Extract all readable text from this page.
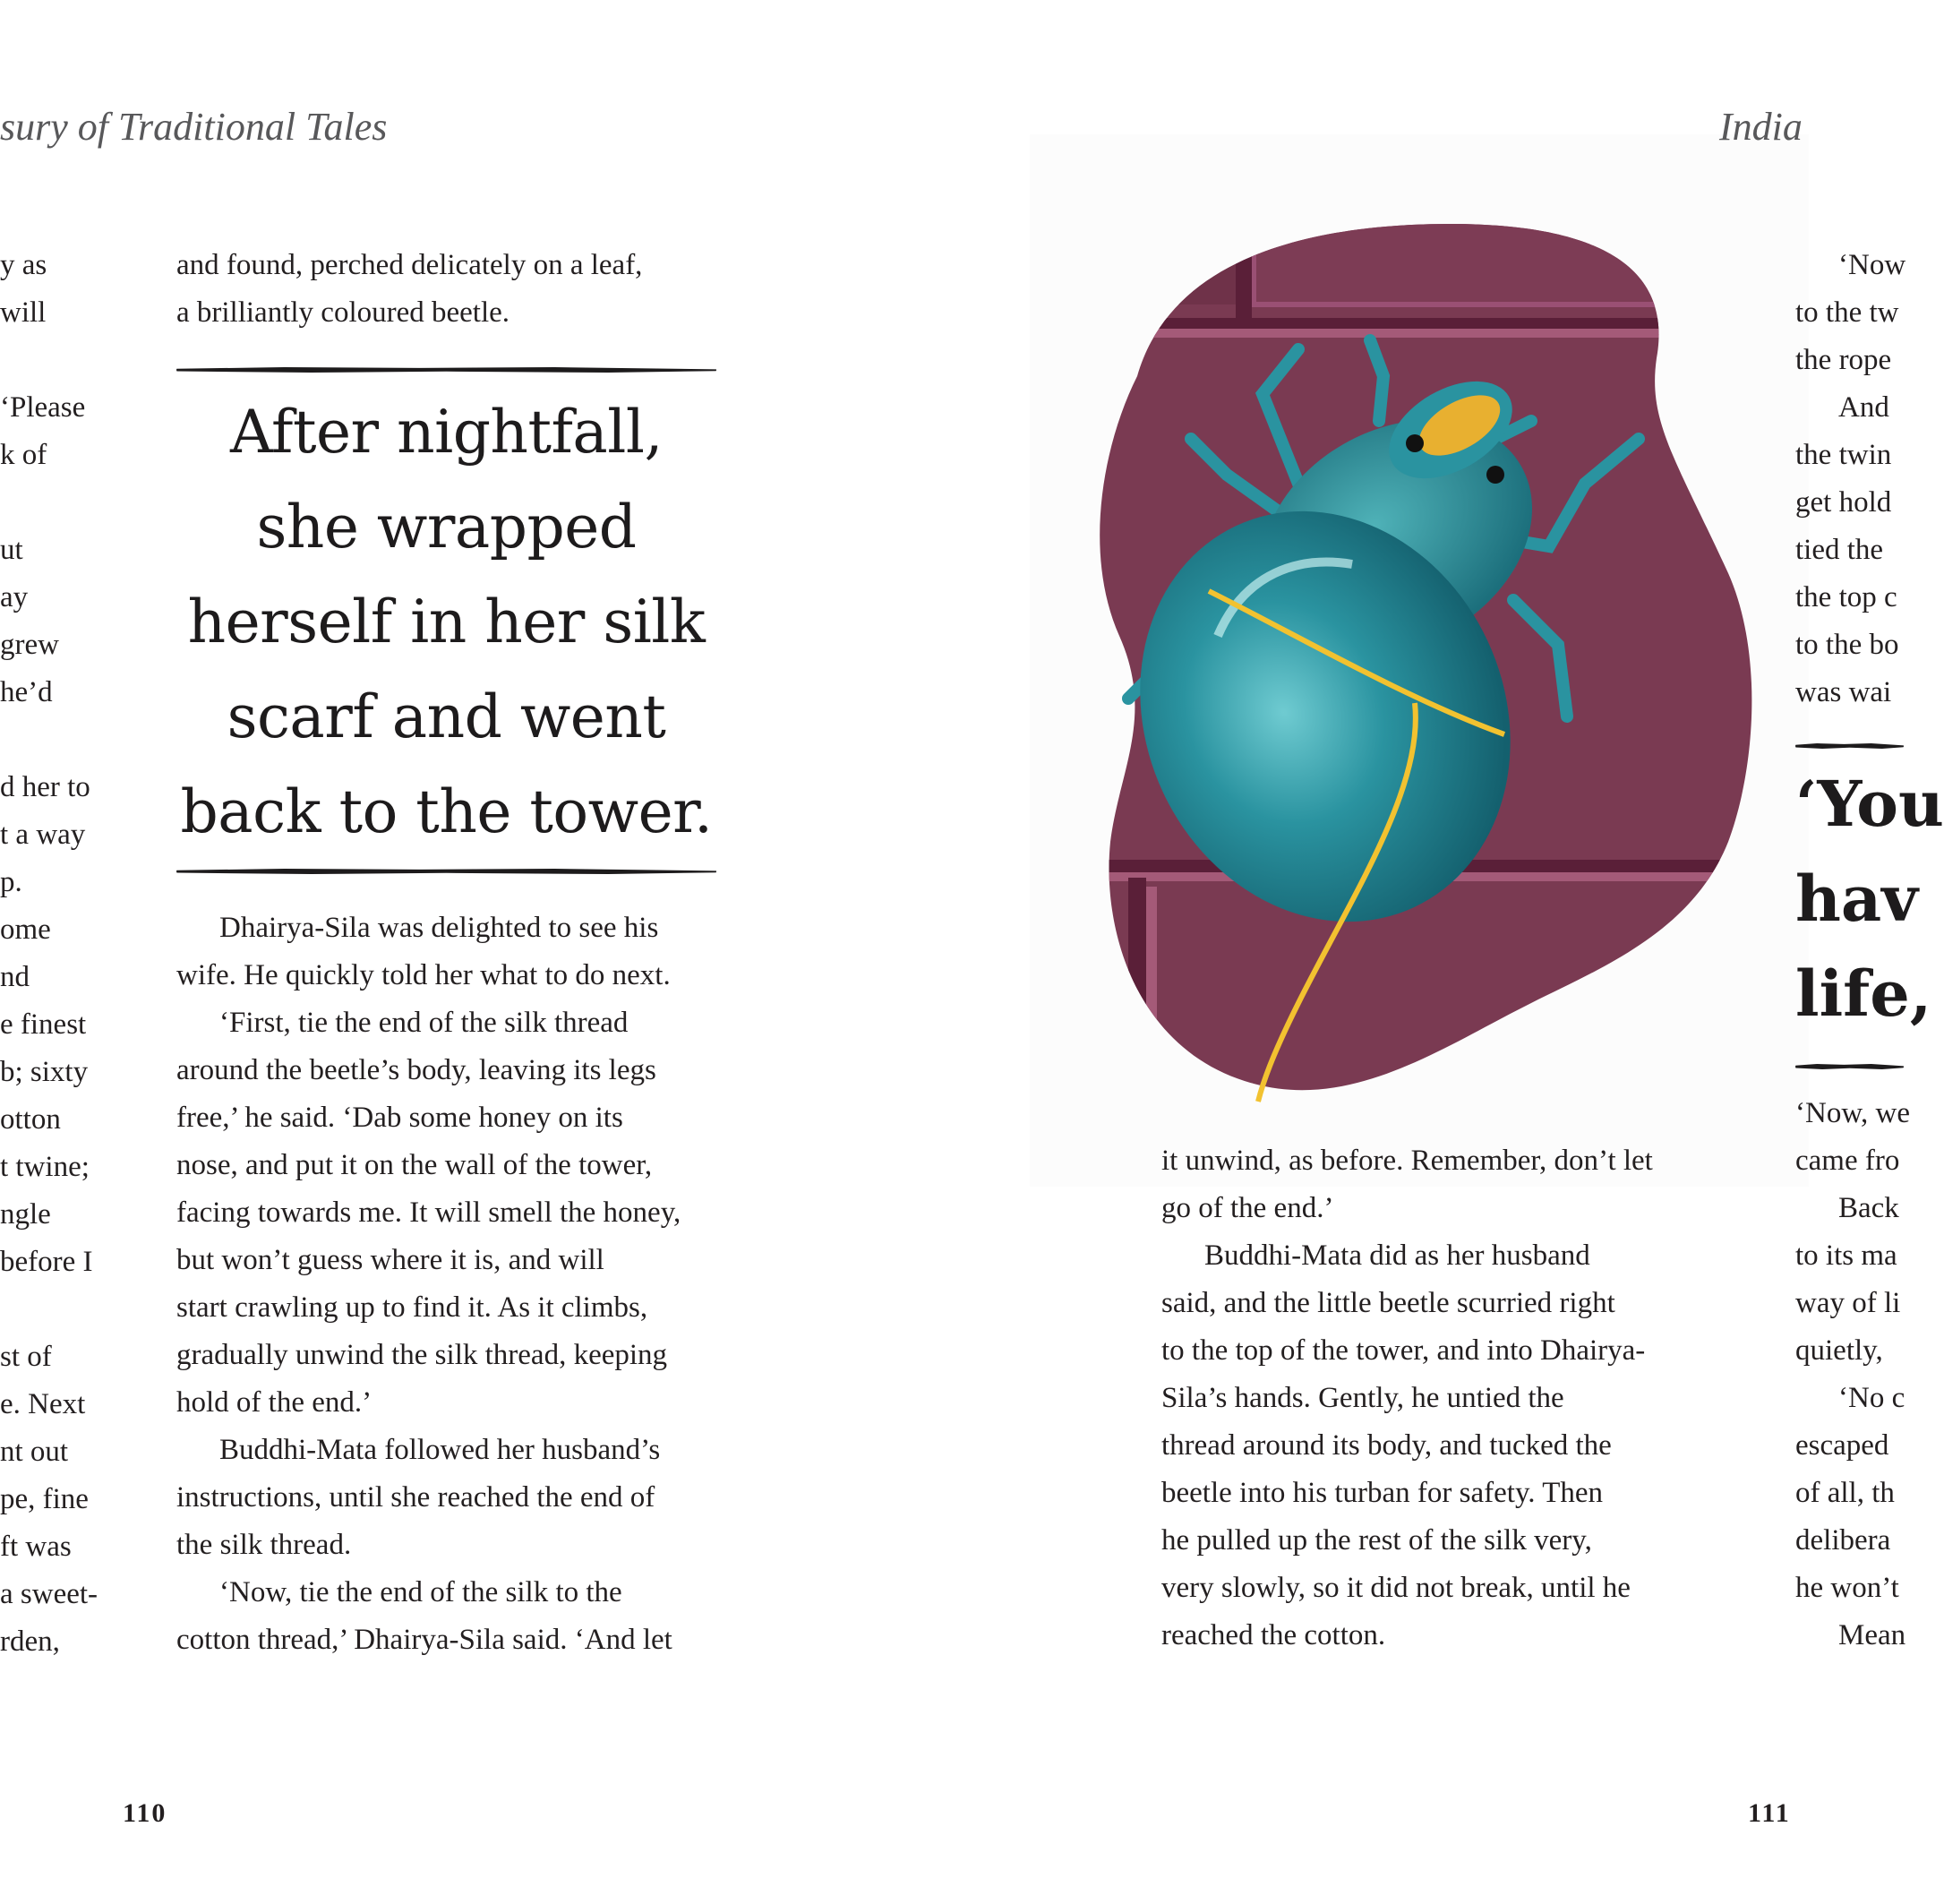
sury of Traditional Tales
y as
will
‘Please
k of
ut
ay
grew
he’d
d her to
t a way
p.
ome
nd
e finest
b; sixty
otton
t twine;
ngle
before I
st of
e. Next
nt out
pe, fine
ft was
a sweet-
rden,
and found, perched delicately on a leaf,
a brilliantly coloured beetle.
After nightfall,
she wrapped
herself in her silk
scarf and went
back to the tower.
Dhairya-Sila was delighted to see his
wife. He quickly told her what to do next.
‘First, tie the end of the silk thread
around the beetle’s body, leaving its legs
free,’ he said. ‘Dab some honey on its
nose, and put it on the wall of the tower,
facing towards me. It will smell the honey,
but won’t guess where it is, and will
start crawling up to find it. As it climbs,
gradually unwind the silk thread, keeping
hold of the end.’
Buddhi-Mata followed her husband’s
instructions, until she reached the end of
the silk thread.
‘Now, tie the end of the silk to the
cotton thread,’ Dhairya-Sila said. ‘And let
110
India
it unwind, as before. Remember, don’t let
go of the end.’
Buddhi-Mata did as her husband
said, and the little beetle scurried right
to the top of the tower, and into Dhairya-
Sila’s hands. Gently, he untied the
thread around its body, and tucked the
beetle into his turban for safety. Then
he pulled up the rest of the silk very,
very slowly, so it did not break, until he
reached the cotton.
‘Now
to the tw
the rope
And
the twin
get hold
tied the
the top c
to the bo
was wai
‘You
hav
life,
‘Now, we
came fro
Back
to its ma
way of li
quietly,
‘No c
escaped
of all, th
delibera
he won’t
Mean
111
